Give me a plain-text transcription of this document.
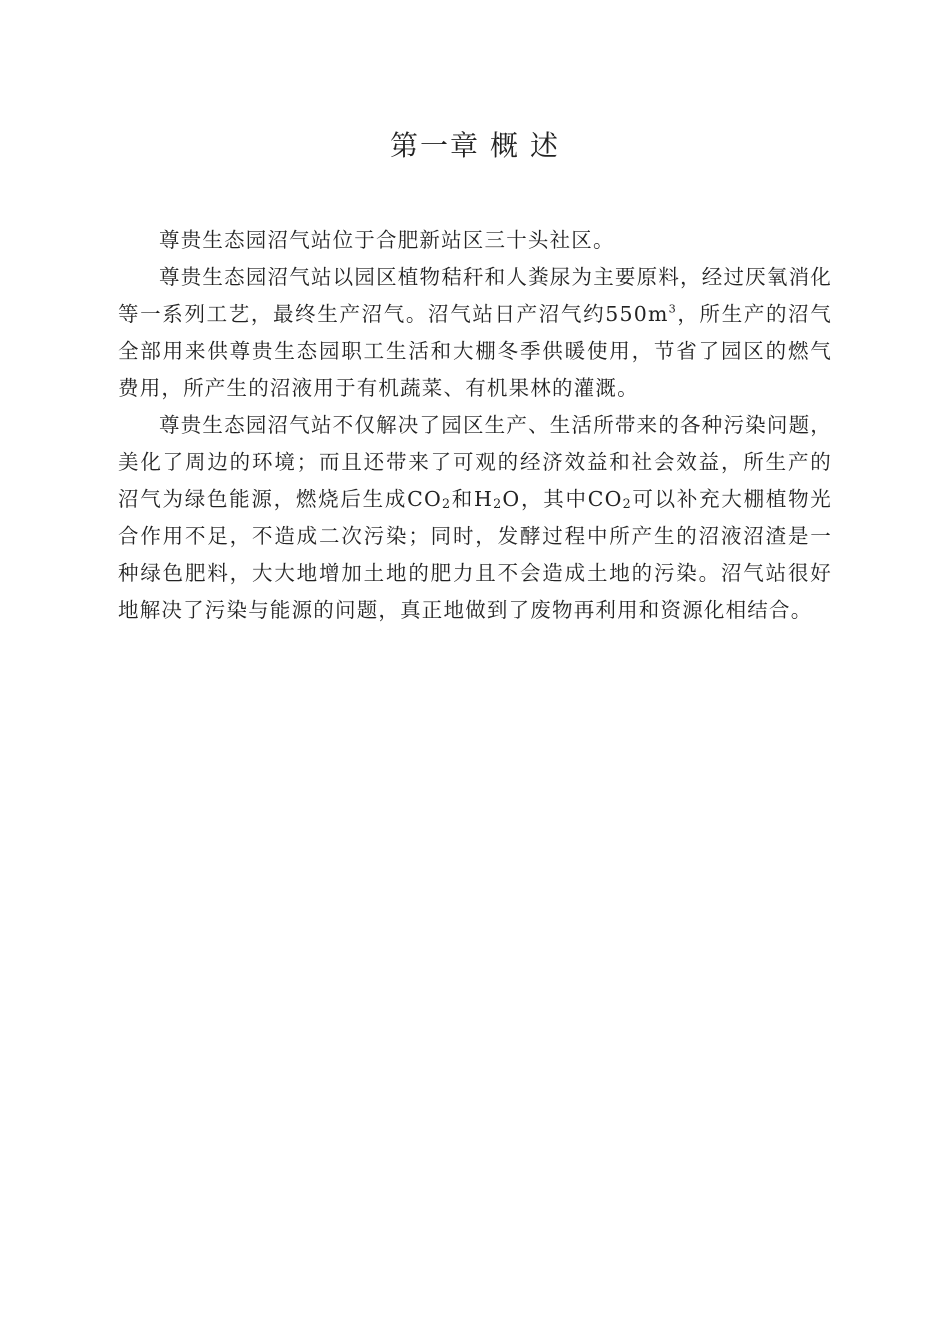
第一章 概 述

尊贵生态园沼气站位于合肥新站区三十头社区。

尊贵生态园沼气站以园区植物秸秆和人粪尿为主要原料，经过厌氧消化等一系列工艺，最终生产沼气。沼气站日产沼气约$550m^3$，所生产的沼气全部用来供尊贵生态园职工生活和大棚冬季供暖使用，节省了园区的燃气费用，所产生的沼液用于有机蔬菜、有机果林的灌溉。

尊贵生态园沼气站不仅解决了园区生产、生活所带来的各种污染问题，美化了周边的环境；而且还带来了可观的经济效益和社会效益，所生产的沼气为绿色能源，燃烧后生成$CO_2$和$H_2O$，其中$CO_2$可以补充大棚植物光合作用不足，不造成二次污染；同时，发酵过程中所产生的沼液沼渣是一种绿色肥料，大大地增加土地的肥力且不会造成土地的污染。沼气站很好地解决了污染与能源的问题，真正地做到了废物再利用和资源化相结合。
